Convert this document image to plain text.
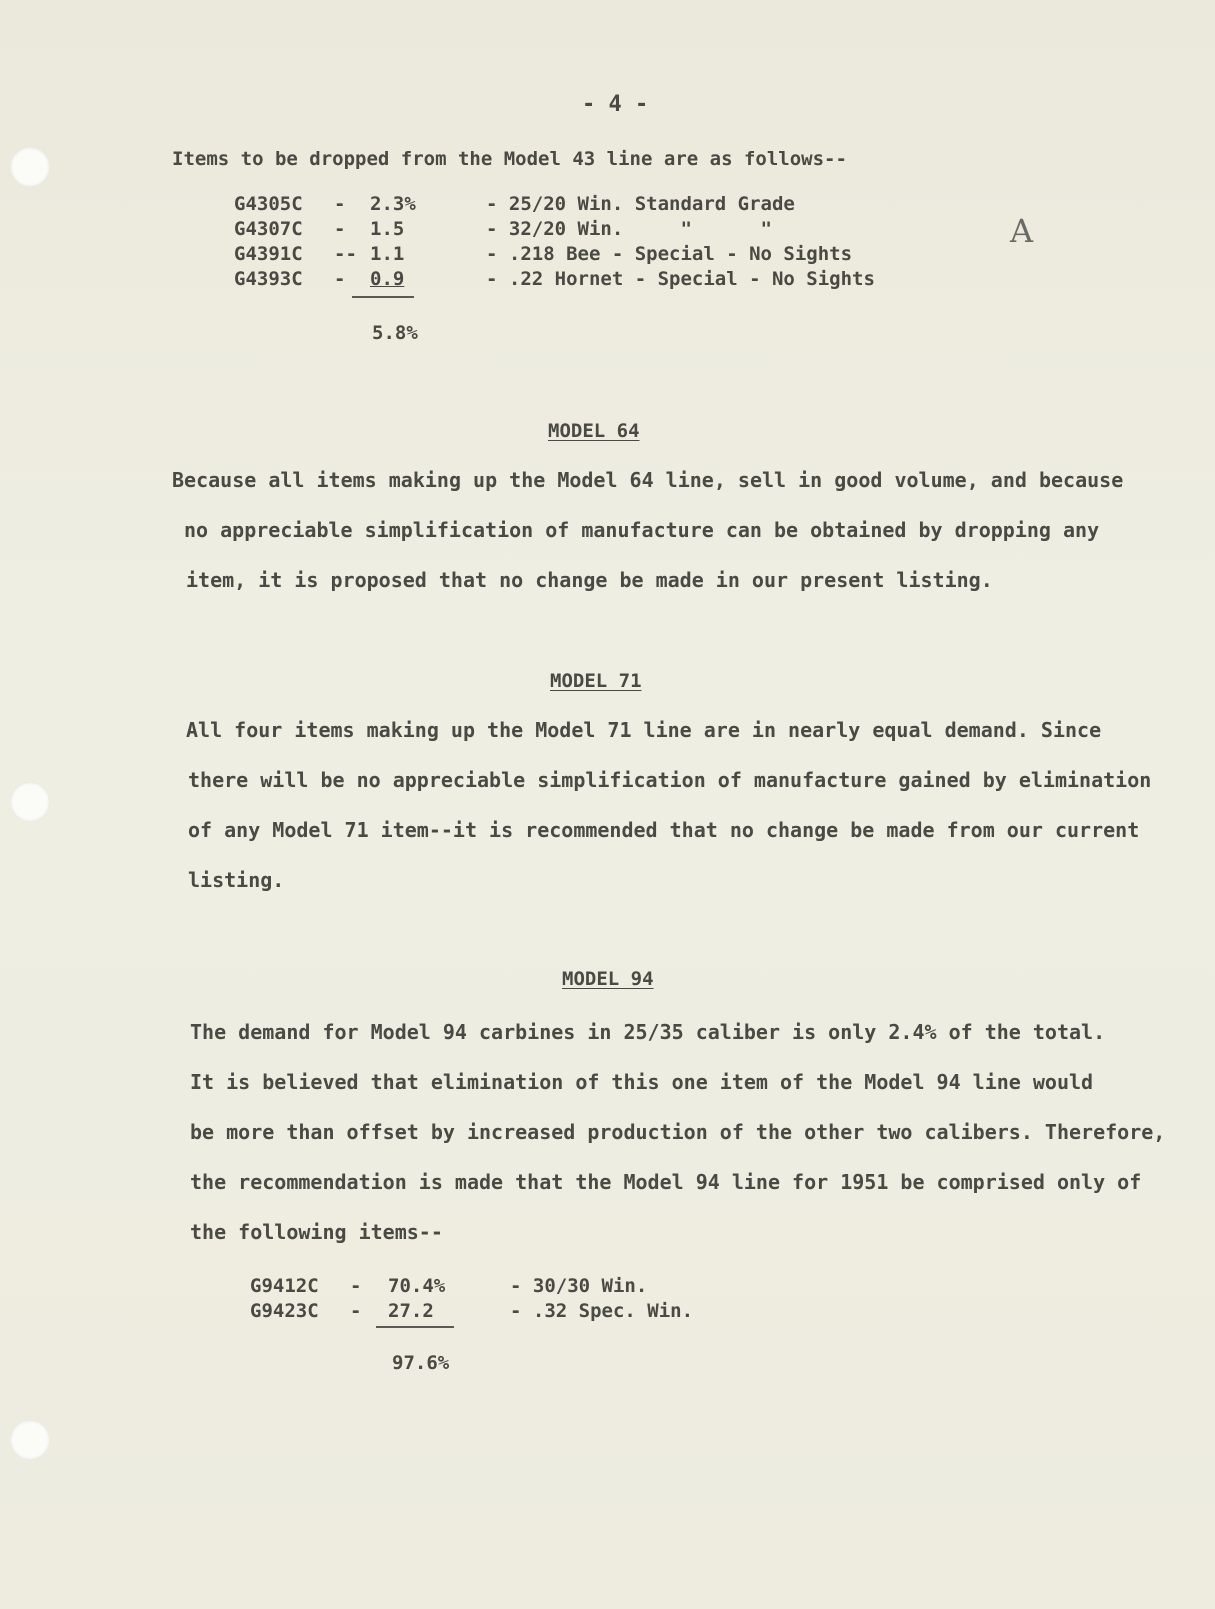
- 4 -
A
Items to be dropped from the Model 43 line are as follows--
G4305C - 2.3%	- 25/20 Win. Standard Grade
G4307C - 1.5	- 32/20 Win.     "      "
G4391C -- 1.1	- .218 Bee - Special - No Sights
G4393C - 0.9	- .22 Hornet - Special - No Sights
5.8%
MODEL 64
Because all items making up the Model 64 line, sell in good volume, and because
no appreciable simplification of manufacture can be obtained by dropping any
item, it is proposed that no change be made in our present listing.
MODEL 71
All four items making up the Model 71 line are in nearly equal demand. Since
there will be no appreciable simplification of manufacture gained by elimination
of any Model 71 item--it is recommended that no change be made from our current
listing.
MODEL 94
The demand for Model 94 carbines in 25/35 caliber is only 2.4% of the total.
It is believed that elimination of this one item of the Model 94 line would
be more than offset by increased production of the other two calibers. Therefore,
the recommendation is made that the Model 94 line for 1951 be comprised only of
the following items--
G9412C - 70.4%	- 30/30 Win.
G9423C - 27.2	- .32 Spec. Win.
97.6%
